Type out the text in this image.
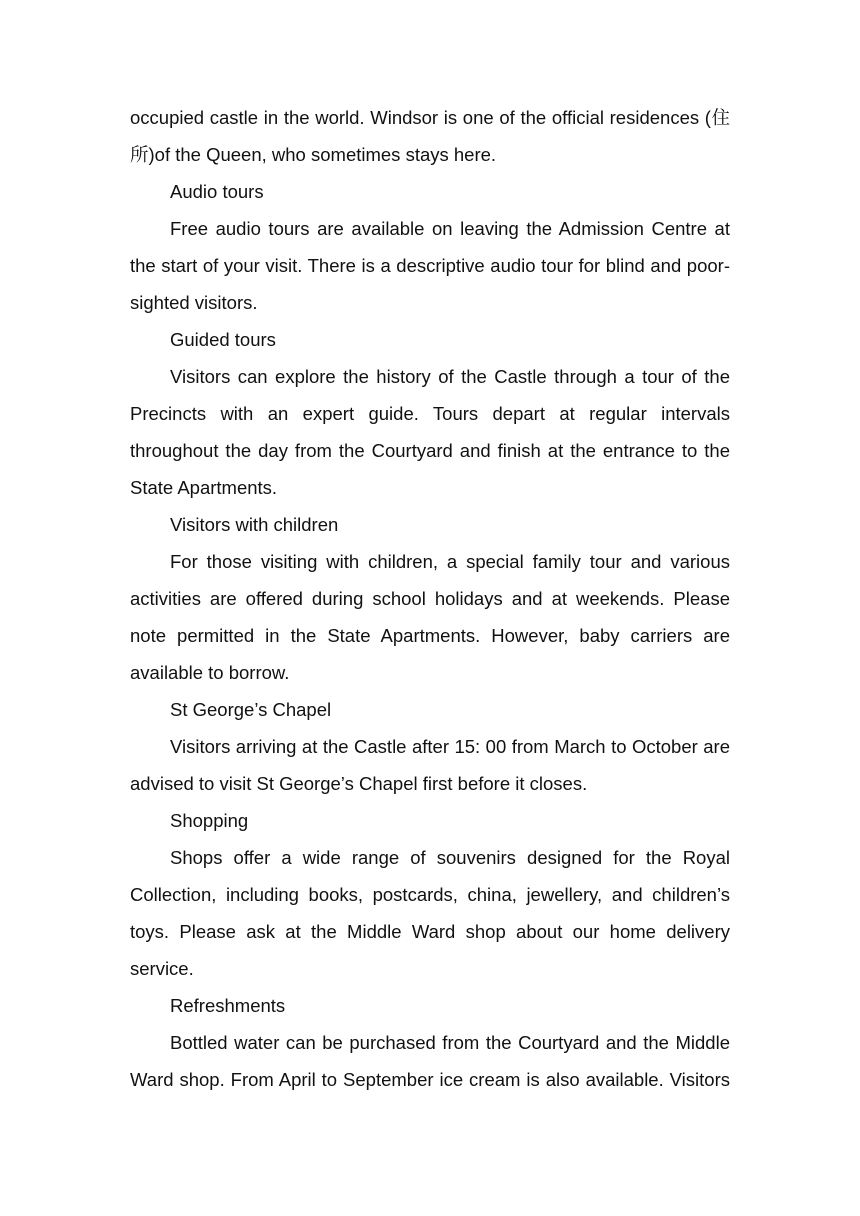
occupied castle in the world. Windsor is one of the official residences (住所)of the Queen, who sometimes stays here.

Audio tours

Free audio tours are available on leaving the Admission Centre at the start of your visit. There is a descriptive audio tour for blind and poor-sighted visitors.

Guided tours

Visitors can explore the history of the Castle through a tour of the Precincts with an expert guide. Tours depart at regular intervals throughout the day from the Courtyard and finish at the entrance to the State Apartments.

Visitors with children

For those visiting with children, a special family tour and various activities are offered during school holidays and at weekends. Please note permitted in the State Apartments. However, baby carriers are available to borrow.

St George’s Chapel

Visitors arriving at the Castle after 15: 00 from March to October are advised to visit St George’s Chapel first before it closes.

Shopping

Shops offer a wide range of souvenirs designed for the Royal Collection, including books, postcards, china, jewellery, and children’s toys. Please ask at the Middle Ward shop about our home delivery service.

Refreshments

Bottled water can be purchased from the Courtyard and the Middle Ward shop. From April to September ice cream is also available. Visitors
